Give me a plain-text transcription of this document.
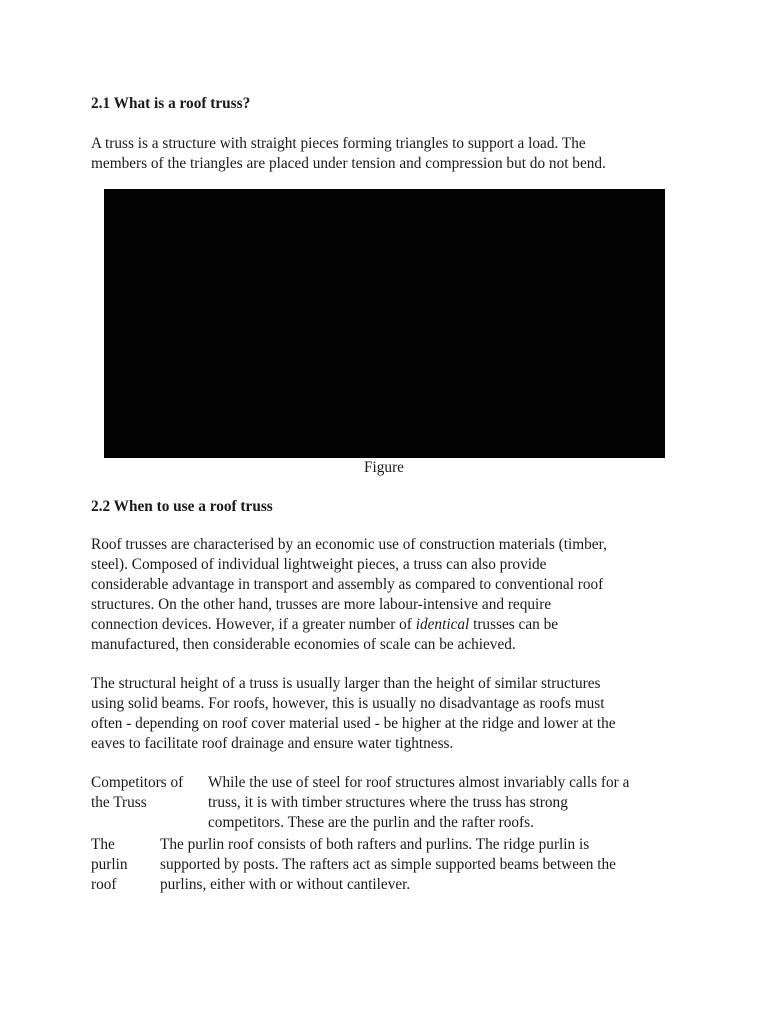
2.1 What is a roof truss?

A truss is a structure with straight pieces forming triangles to support a load. The
members of the triangles are placed under tension and compression but do not bend.

Figure
2.2 When to use a roof truss

Roof trusses are characterised by an economic use of construction materials (timber,
steel). Composed of individual lightweight pieces, a truss can also provide
considerable advantage in transport and assembly as compared to conventional roof
structures. On the other hand, trusses are more labour-intensive and require
connection devices. However, if a greater number of identical trusses can be
manufactured, then considerable economies of scale can be achieved.

The structural height of a truss is usually larger than the height of similar structures
using solid beams. For roofs, however, this is usually no disadvantage as roofs must
often - depending on roof cover material used - be higher at the ridge and lower at the
eaves to facilitate roof drainage and ensure water tightness.

Competitors of
the Truss
While the use of steel for roof structures almost invariably calls for a
truss, it is with timber structures where the truss has strong
competitors. These are the purlin and the rafter roofs.
The
purlin
roof
The purlin roof consists of both rafters and purlins. The ridge purlin is
supported by posts. The rafters act as simple supported beams between the
purlins, either with or without cantilever.
